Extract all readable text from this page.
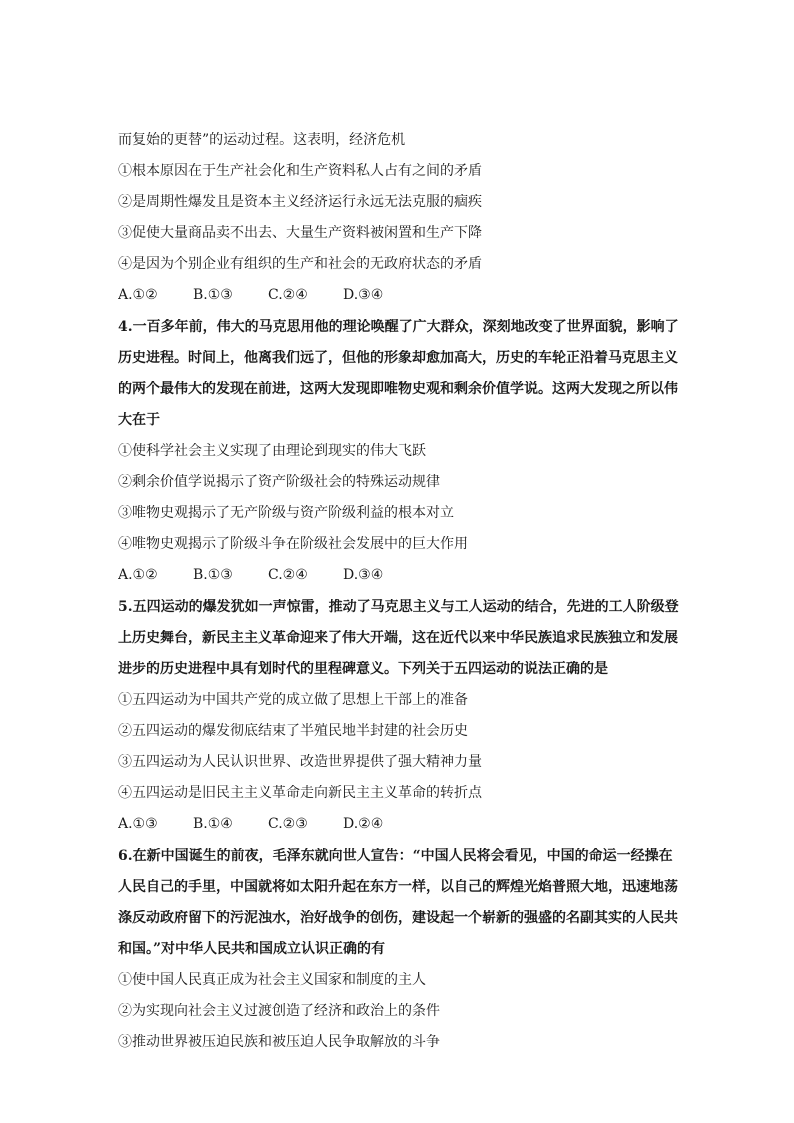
而复始的更替”的运动过程。这表明，经济危机
①根本原因在于生产社会化和生产资料私人占有之间的矛盾
②是周期性爆发且是资本主义经济运行永远无法克服的痼疾
③促使大量商品卖不出去、大量生产资料被闲置和生产下降
④是因为个别企业有组织的生产和社会的无政府状态的矛盾
A.①②	B.①③	C.②④	D.③④
4.一百多年前，伟大的马克思用他的理论唤醒了广大群众，深刻地改变了世界面貌，影响了
历史进程。时间上，他离我们远了，但他的形象却愈加高大，历史的车轮正沿着马克思主义
的两个最伟大的发现在前进，这两大发现即唯物史观和剩余价值学说。这两大发现之所以伟
大在于
①使科学社会主义实现了由理论到现实的伟大飞跃
②剩余价值学说揭示了资产阶级社会的特殊运动规律
③唯物史观揭示了无产阶级与资产阶级利益的根本对立
④唯物史观揭示了阶级斗争在阶级社会发展中的巨大作用
A.①②	B.①③	C.②④	D.③④
5.五四运动的爆发犹如一声惊雷，推动了马克思主义与工人运动的结合，先进的工人阶级登
上历史舞台，新民主主义革命迎来了伟大开端，这在近代以来中华民族追求民族独立和发展
进步的历史进程中具有划时代的里程碑意义。下列关于五四运动的说法正确的是
①五四运动为中国共产党的成立做了思想上干部上的准备
②五四运动的爆发彻底结束了半殖民地半封建的社会历史
③五四运动为人民认识世界、改造世界提供了强大精神力量
④五四运动是旧民主主义革命走向新民主主义革命的转折点
A.①③	B.①④	C.②③	D.②④
6.在新中国诞生的前夜，毛泽东就向世人宣告：“中国人民将会看见，中国的命运一经操在
人民自己的手里，中国就将如太阳升起在东方一样，以自己的辉煌光焰普照大地，迅速地荡
涤反动政府留下的污泥浊水，治好战争的创伤，建设起一个崭新的强盛的名副其实的人民共
和国。”对中华人民共和国成立认识正确的有
①使中国人民真正成为社会主义国家和制度的主人
②为实现向社会主义过渡创造了经济和政治上的条件
③推动世界被压迫民族和被压迫人民争取解放的斗争
